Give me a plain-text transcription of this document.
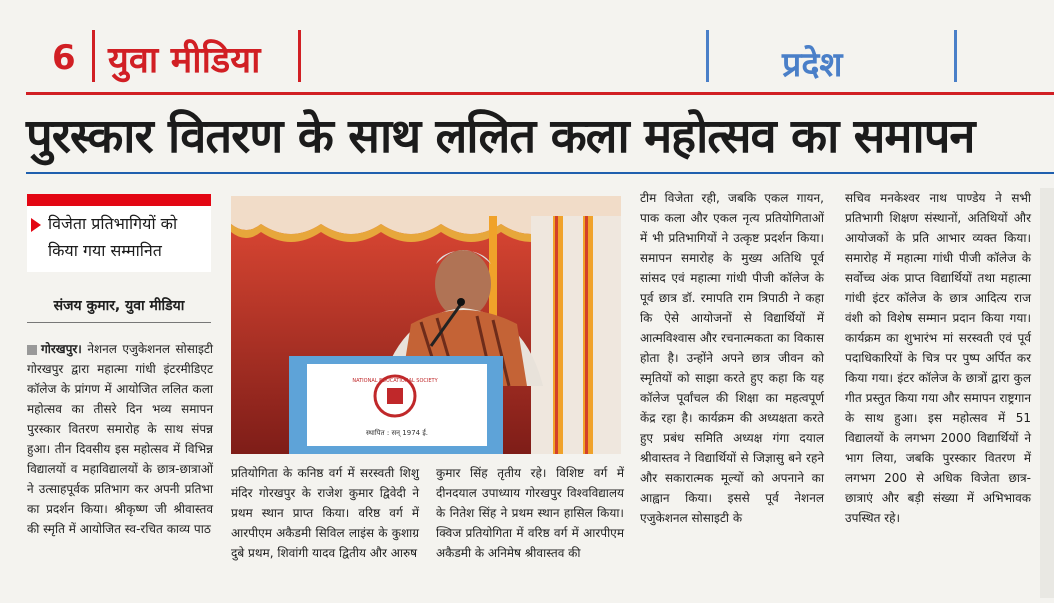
6 युवा मीडिया	प्रदेश
पुरस्कार वितरण के साथ ललित कला महोत्सव का समापन
विजेता प्रतिभागियों को किया गया सम्मानित
संजय कुमार, युवा मीडिया
गोरखपुर। नेशनल एजुकेशनल सोसाइटी गोरखपुर द्वारा महात्मा गांधी इंटरमीडिएट कॉलेज के प्रांगण में आयोजित ललित कला महोत्सव का तीसरे दिन भव्य समापन पुरस्कार वितरण समारोह के साथ संपन्न हुआ। तीन दिवसीय इस महोत्सव में विभिन्न विद्यालयों व महाविद्यालयों के छात्र-छात्राओं ने उत्साहपूर्वक प्रतिभाग कर अपनी प्रतिभा का प्रदर्शन किया। श्रीकृष्ण जी श्रीवास्तव की स्मृति में आयोजित स्व-रचित काव्य पाठ
NATIONAL EDUCATIONAL SOCIETY
स्थापित : सन् 1974 ई.
प्रतियोगिता के कनिष्ठ वर्ग में सरस्वती शिशु मंदिर गोरखपुर के राजेश कुमार द्विवेदी ने प्रथम स्थान प्राप्त किया। वरिष्ठ वर्ग में आरपीएम अकैडमी सिविल लाइंस के कुशाग्र दुबे प्रथम, शिवांगी यादव द्वितीय और आरुष
कुमार सिंह तृतीय रहे। विशिष्ट वर्ग में दीनदयाल उपाध्याय गोरखपुर विश्वविद्यालय के नितेश सिंह ने प्रथम स्थान हासिल किया। क्विज प्रतियोगिता में वरिष्ठ वर्ग में आरपीएम अकैडमी के अनिमेष श्रीवास्तव की
टीम विजेता रही, जबकि एकल गायन, पाक कला और एकल नृत्य प्रतियोगिताओं में भी प्रतिभागियों ने उत्कृष्ट प्रदर्शन किया। समापन समारोह के मुख्य अतिथि पूर्व सांसद एवं महात्मा गांधी पीजी कॉलेज के पूर्व छात्र डॉ. रमापति राम त्रिपाठी ने कहा कि ऐसे आयोजनों से विद्यार्थियों में आत्मविश्वास और रचनात्मकता का विकास होता है। उन्होंने अपने छात्र जीवन को स्मृतियों को साझा करते हुए कहा कि यह कॉलेज पूर्वांचल की शिक्षा का महत्वपूर्ण केंद्र रहा है। कार्यक्रम की अध्यक्षता करते हुए प्रबंध समिति अध्यक्ष गंगा दयाल श्रीवास्तव ने विद्यार्थियों से जिज्ञासु बने रहने और सकारात्मक मूल्यों को अपनाने का आह्वान किया। इससे पूर्व नेशनल एजुकेशनल सोसाइटी के
सचिव मनकेश्वर नाथ पाण्डेय ने सभी प्रतिभागी शिक्षण संस्थानों, अतिथियों और आयोजकों के प्रति आभार व्यक्त किया। समारोह में महात्मा गांधी पीजी कॉलेज के सर्वोच्च अंक प्राप्त विद्यार्थियों तथा महात्मा गांधी इंटर कॉलेज के छात्र आदित्य राज वंशी को विशेष सम्मान प्रदान किया गया। कार्यक्रम का शुभारंभ मां सरस्वती एवं पूर्व पदाधिकारियों के चित्र पर पुष्प अर्पित कर किया गया। इंटर कॉलेज के छात्रों द्वारा कुल गीत प्रस्तुत किया गया और समापन राष्ट्रगान के साथ हुआ। इस महोत्सव में 51 विद्यालयों के लगभग 2000 विद्यार्थियों ने भाग लिया, जबकि पुरस्कार वितरण में लगभग 200 से अधिक विजेता छात्र-छात्राएं और बड़ी संख्या में अभिभावक उपस्थित रहे।
